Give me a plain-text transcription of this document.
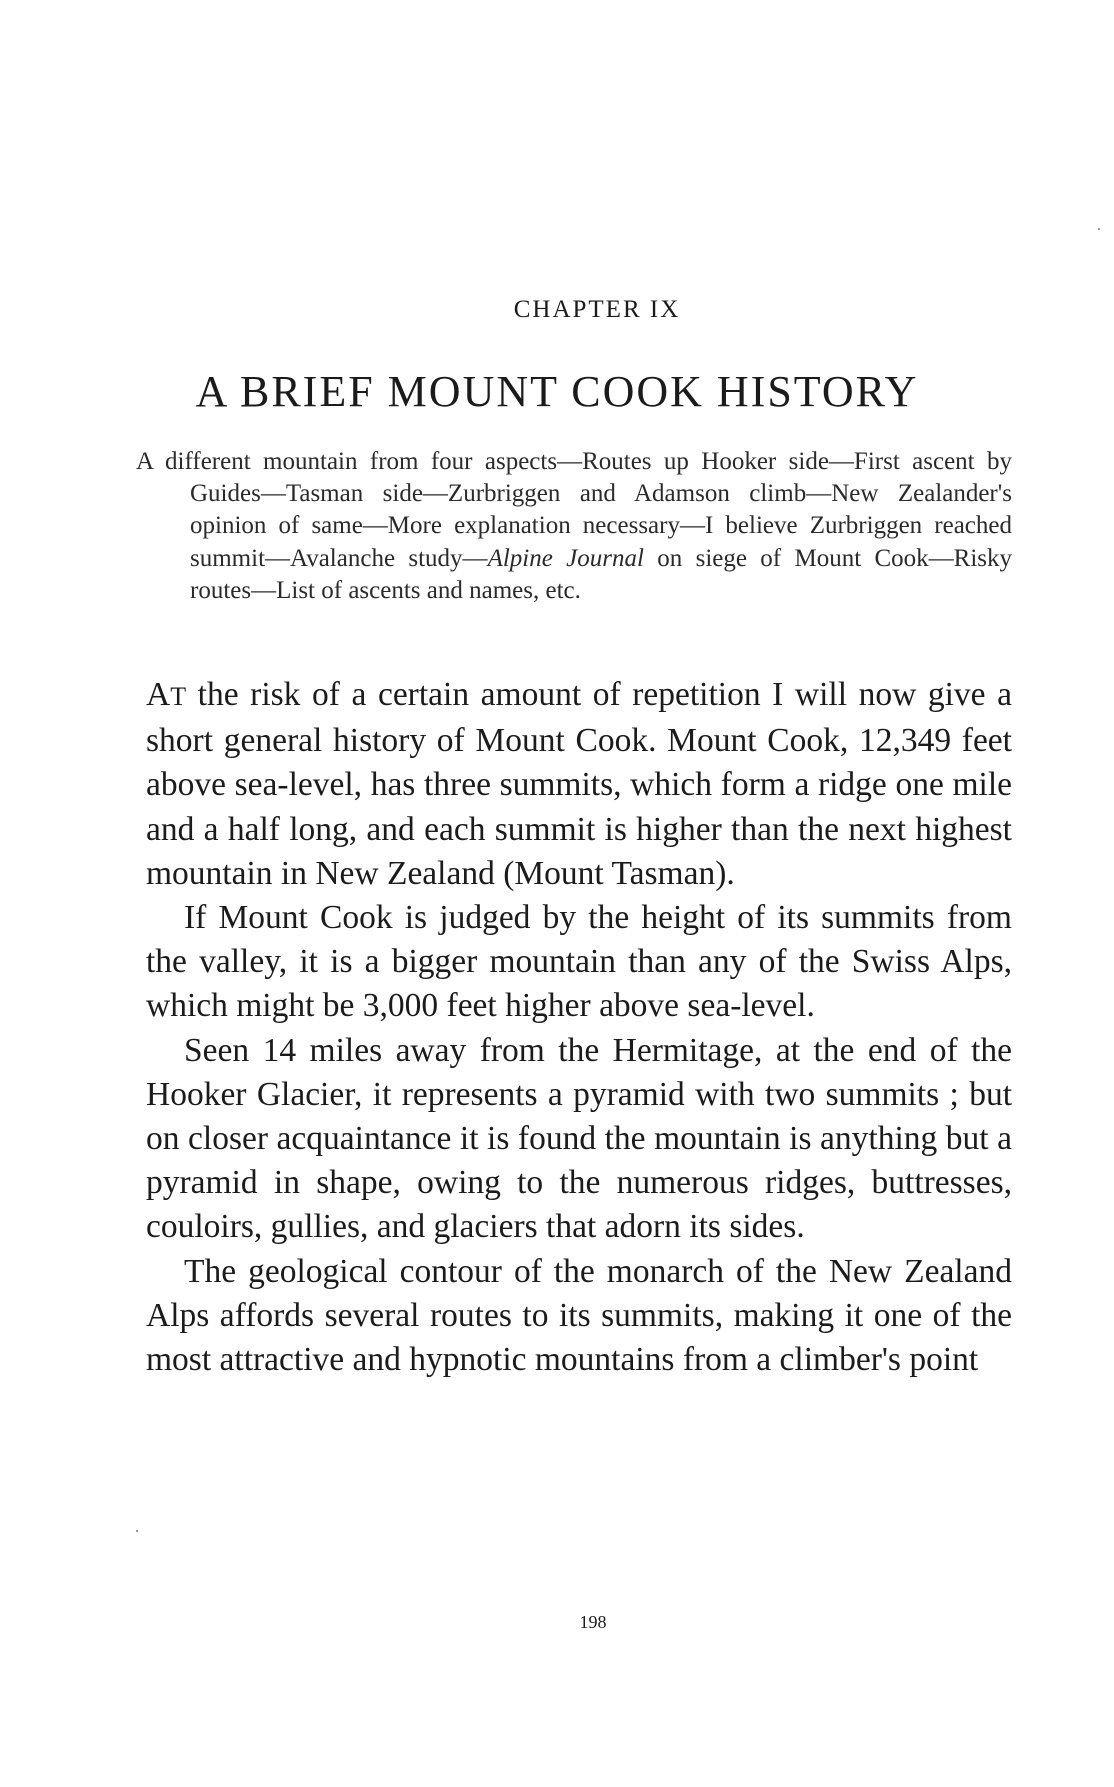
CHAPTER IX
A BRIEF MOUNT COOK HISTORY
A different mountain from four aspects—Routes up Hooker side—First ascent by Guides—Tasman side—Zurbriggen and Adamson climb—New Zealander's opinion of same—More explanation necessary—I believe Zurbriggen reached summit—Avalanche study—Alpine Journal on siege of Mount Cook—Risky routes—List of ascents and names, etc.

AT the risk of a certain amount of repetition I will now give a short general history of Mount Cook. Mount Cook, 12,349 feet above sea-level, has three summits, which form a ridge one mile and a half long, and each summit is higher than the next highest mountain in New Zealand (Mount Tasman).

If Mount Cook is judged by the height of its summits from the valley, it is a bigger mountain than any of the Swiss Alps, which might be 3,000 feet higher above sea-level.

Seen 14 miles away from the Hermitage, at the end of the Hooker Glacier, it represents a pyramid with two summits ; but on closer acquaintance it is found the mountain is anything but a pyramid in shape, owing to the numerous ridges, buttresses, couloirs, gullies, and glaciers that adorn its sides.

The geological contour of the monarch of the New Zealand Alps affords several routes to its summits, making it one of the most attractive and hypnotic mountains from a climber's point

198
